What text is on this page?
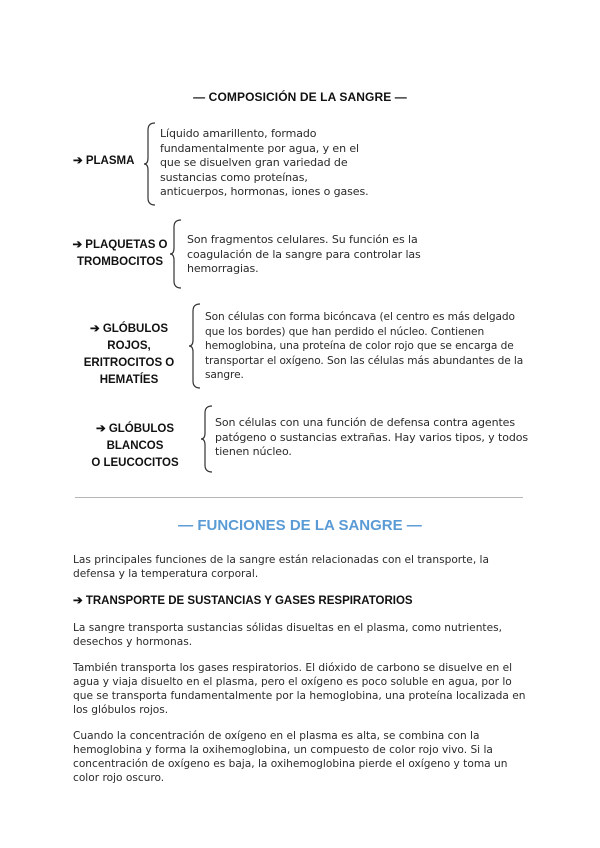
— COMPOSICIÓN DE LA SANGRE —
➔ PLASMA
Líquido amarillento, formado
fundamentalmente por agua, y en el
que se disuelven gran variedad de
sustancias como proteínas,
anticuerpos, hormonas, iones o gases.
➔ PLAQUETAS O
TROMBOCITOS
Son fragmentos celulares. Su función es la
coagulación de la sangre para controlar las
hemorragias.
➔ GLÓBULOS ROJOS,
ERITROCITOS O
HEMATÍES
Son células con forma bicóncava (el centro es más delgado
que los bordes) que han perdido el núcleo. Contienen
hemoglobina, una proteína de color rojo que se encarga de
transportar el oxígeno. Son las células más abundantes de la
sangre.
➔ GLÓBULOS BLANCOS
O LEUCOCITOS
Son células con una función de defensa contra agentes
patógeno o sustancias extrañas. Hay varios tipos, y todos
tienen núcleo.
— FUNCIONES DE LA SANGRE —

Las principales funciones de la sangre están relacionadas con el transporte, la defensa y la temperatura corporal.

➔ TRANSPORTE DE SUSTANCIAS Y GASES RESPIRATORIOS

La sangre transporta sustancias sólidas disueltas en el plasma, como nutrientes, desechos y hormonas.

También transporta los gases respiratorios. El dióxido de carbono se disuelve en el agua y viaja disuelto en el plasma, pero el oxígeno es poco soluble en agua, por lo que se transporta fundamentalmente por la hemoglobina, una proteína localizada en los glóbulos rojos.

Cuando la concentración de oxígeno en el plasma es alta, se combina con la hemoglobina y forma la oxihemoglobina, un compuesto de color rojo vivo. Si la concentración de oxígeno es baja, la oxihemoglobina pierde el oxígeno y toma un color rojo oscuro.
